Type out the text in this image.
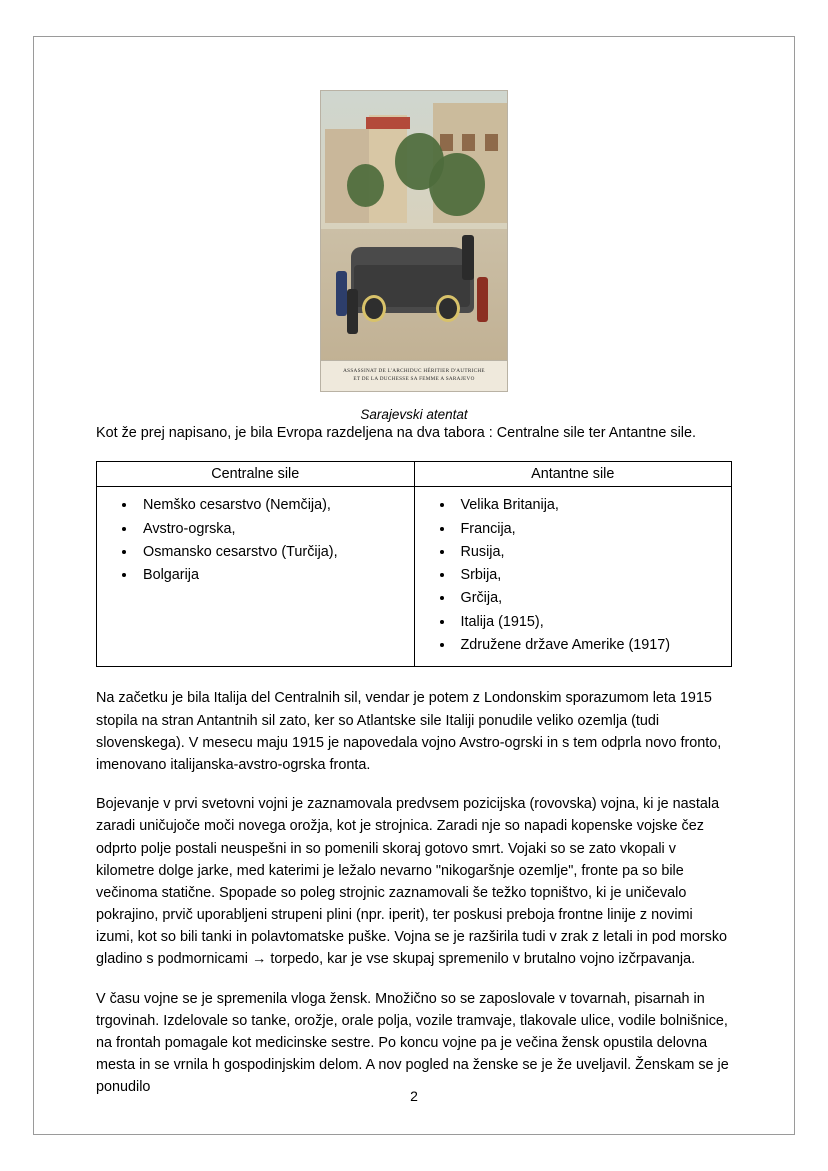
ASSASSINAT DE L'ARCHIDUC HÉRITIER D'AUTRICHE
ET DE LA DUCHESSE SA FEMME A SARAJEVO
Sarajevski atentat

Kot že prej napisano, je bila Evropa razdeljena na dva tabora : Centralne sile ter Antantne sile.

Centralne sile	Antantne sile

• Nemško cesarstvo (Nemčija),
• Avstro-ogrska,
• Osmansko cesarstvo (Turčija),
• Bolgarija

• Velika Britanija,
• Francija,
• Rusija,
• Srbija,
• Grčija,
• Italija (1915),
• Združene države Amerike (1917)

Na začetku je bila Italija del Centralnih sil, vendar je potem z Londonskim sporazumom leta 1915 stopila na stran Antantnih sil zato, ker so Atlantske sile Italiji ponudile veliko ozemlja (tudi slovenskega). V mesecu maju 1915 je napovedala vojno Avstro-ogrski in s tem odprla novo fronto, imenovano italijanska-avstro-ogrska fronta.

Bojevanje v prvi svetovni vojni je zaznamovala predvsem pozicijska (rovovska) vojna, ki je nastala zaradi uničujoče moči novega orožja, kot je strojnica. Zaradi nje so napadi kopenske vojske čez odprto polje postali neuspešni in so pomenili skoraj gotovo smrt. Vojaki so se zato vkopali v kilometre dolge jarke, med katerimi je ležalo nevarno "nikogaršnje ozemlje", fronte pa so bile večinoma statične. Spopade so poleg strojnic zaznamovali še težko topništvo, ki je uničevalo pokrajino, prvič uporabljeni strupeni plini (npr. iperit), ter poskusi preboja frontne linije z novimi izumi, kot so bili tanki in polavtomatske puške. Vojna se je razširila tudi v zrak z letali in pod morsko gladino s podmornicami → torpedo, kar je vse skupaj spremenilo v brutalno vojno izčrpavanja.

V času vojne se je spremenila vloga žensk. Množično so se zaposlovale v tovarnah, pisarnah in trgovinah. Izdelovale so tanke, orožje, orale polja, vozile tramvaje, tlakovale ulice, vodile bolnišnice, na frontah pomagale kot medicinske sestre. Po koncu vojne pa je večina žensk opustila delovna mesta in se vrnila h gospodinjskim delom. A nov pogled na ženske se je že uveljavil. Ženskam se je ponudilo

2
